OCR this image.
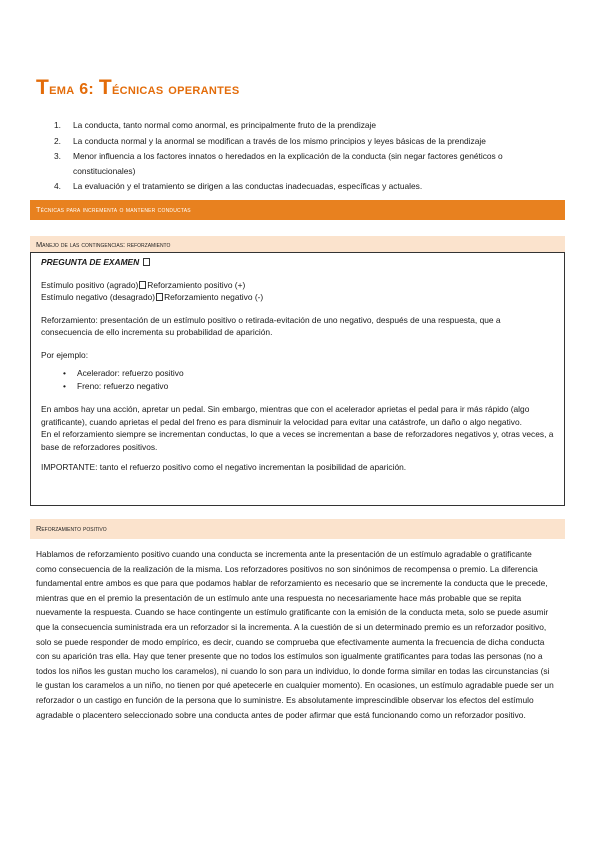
Tema 6: Técnicas operantes
1. La conducta, tanto normal como anormal, es principalmente fruto de la prendizaje
2. La conducta normal y la anormal se modifican a través de los mismo principios y leyes básicas de la prendizaje
3. Menor influencia a los factores innatos o heredados en la explicación de la conducta (sin negar factores genéticos o constitucionales)
4. La evaluación y el tratamiento se dirigen a las conductas inadecuadas, específicas y actuales.
Técnicas para incrementa o mantener conductas
Manejo de las contingencias: reforzamiento

PREGUNTA DE EXAMEN

Estímulo positivo (agrado) Reforzamiento positivo (+)

Estímulo negativo (desagrado) Reforzamiento negativo (-)

Reforzamiento: presentación de un estímulo positivo o retirada-evitación de uno negativo, después de una respuesta, que a consecuencia de ello incrementa su probabilidad de aparición.

Por ejemplo:

• Acelerador: refuerzo positivo
• Freno: refuerzo negativo

En ambos hay una acción, apretar un pedal. Sin embargo, mientras que con el acelerador aprietas el pedal para ir más rápido (algo gratificante), cuando aprietas el pedal del freno es para disminuir la velocidad para evitar una catástrofe, un daño o algo negativo.

En el reforzamiento siempre se incrementan conductas, lo que a veces se incrementan a base de reforzadores negativos y, otras veces, a base de reforzadores positivos.

IMPORTANTE: tanto el refuerzo positivo como el negativo incrementan la posibilidad de aparición.

Reforzamiento positivo

Hablamos de reforzamiento positivo cuando una conducta se incrementa ante la presentación de un estímulo agradable o gratificante como consecuencia de la realización de la misma. Los reforzadores positivos no son sinónimos de recompensa o premio. La diferencia fundamental entre ambos es que para que podamos hablar de reforzamiento es necesario que se incremente la conducta que le precede, mientras que en el premio la presentación de un estímulo ante una respuesta no necesariamente hace más probable que se repita nuevamente la respuesta. Cuando se hace contingente un estímulo gratificante con la emisión de la conducta meta, solo se puede asumir que la consecuencia suministrada era un reforzador si la incrementa. A la cuestión de si un determinado premio es un reforzador positivo, solo se puede responder de modo empírico, es decir, cuando se comprueba que efectivamente aumenta la frecuencia de dicha conducta con su aparición tras ella. Hay que tener presente que no todos los estímulos son igualmente gratificantes para todas las personas (no a todos los niños les gustan mucho los caramelos), ni cuando lo son para un individuo, lo donde forma similar en todas las circunstancias (si le gustan los caramelos a un niño, no tienen por qué apetecerle en cualquier momento). En ocasiones, un estímulo agradable puede ser un reforzador o un castigo en función de la persona que lo suministre. Es absolutamente imprescindible observar los efectos del estímulo agradable o placentero seleccionado sobre una conducta antes de poder afirmar que está funcionando como un reforzador positivo.
